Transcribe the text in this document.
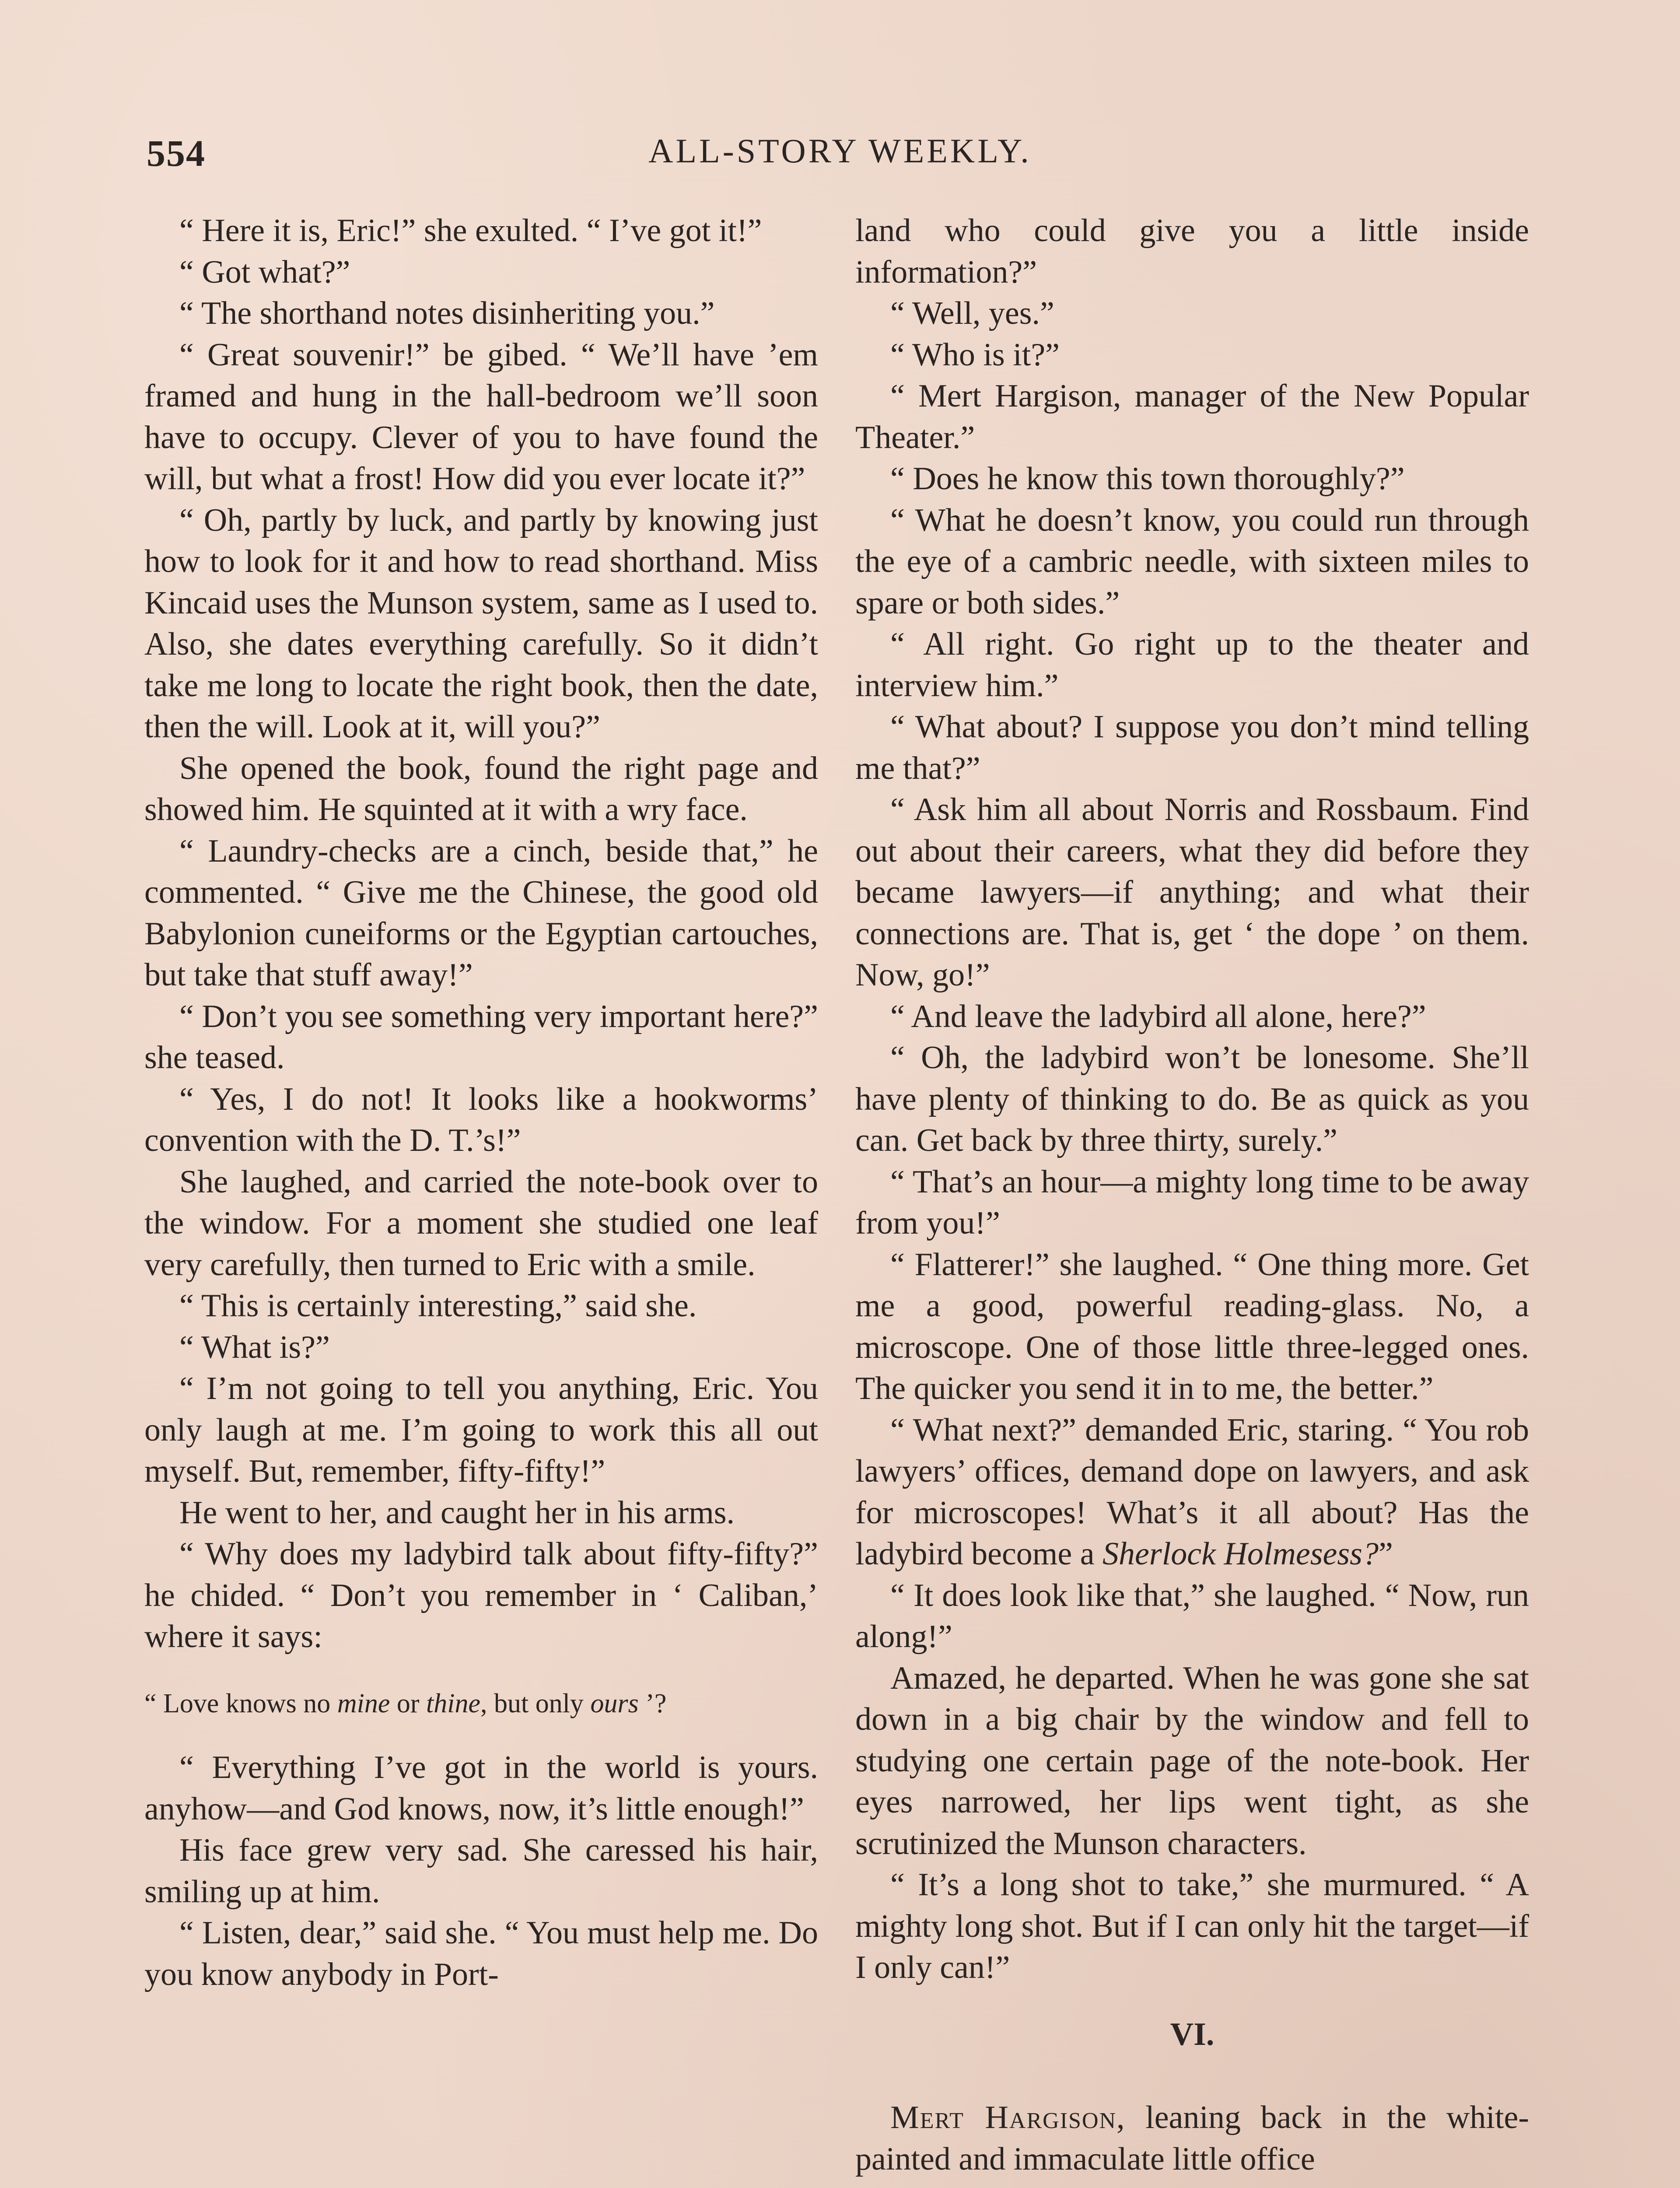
554	ALL-STORY WEEKLY.

“ Here it is, Eric!” she exulted. “ I’ve got it!”

“ Got what?”

“ The shorthand notes disinheriting you.”

“ Great souvenir!” be gibed. “ We’ll have ’em framed and hung in the hall-bedroom we’ll soon have to occupy. Clever of you to have found the will, but what a frost! How did you ever locate it?”

“ Oh, partly by luck, and partly by knowing just how to look for it and how to read shorthand. Miss Kincaid uses the Munson system, same as I used to. Also, she dates everything carefully. So it didn’t take me long to locate the right book, then the date, then the will. Look at it, will you?”

She opened the book, found the right page and showed him. He squinted at it with a wry face.

“ Laundry-checks are a cinch, beside that,” he commented. “ Give me the Chinese, the good old Babylonion cuneiforms or the Egyptian cartouches, but take that stuff away!”

“ Don’t you see something very important here?” she teased.

“ Yes, I do not! It looks like a hookworms’ convention with the D. T.’s!”

She laughed, and carried the note-book over to the window. For a moment she studied one leaf very carefully, then turned to Eric with a smile.

“ This is certainly interesting,” said she.

“ What is?”

“ I’m not going to tell you anything, Eric. You only laugh at me. I’m going to work this all out myself. But, remember, fifty-fifty!”

He went to her, and caught her in his arms.

“ Why does my ladybird talk about fifty-fifty?” he chided. “ Don’t you remember in ‘ Caliban,’ where it says:

“ Love knows no mine or thine, but only ours ’?

“ Everything I’ve got in the world is yours. anyhow—and God knows, now, it’s little enough!”

His face grew very sad. She caressed his hair, smiling up at him.

“ Listen, dear,” said she. “ You must help me. Do you know anybody in Port-

land who could give you a little inside information?”

“ Well, yes.”

“ Who is it?”

“ Mert Hargison, manager of the New Popular Theater.”

“ Does he know this town thoroughly?”

“ What he doesn’t know, you could run through the eye of a cambric needle, with sixteen miles to spare or both sides.”

“ All right. Go right up to the theater and interview him.”

“ What about? I suppose you don’t mind telling me that?”

“ Ask him all about Norris and Rossbaum. Find out about their careers, what they did before they became lawyers—if anything; and what their connections are. That is, get ‘ the dope ’ on them. Now, go!”

“ And leave the ladybird all alone, here?”

“ Oh, the ladybird won’t be lonesome. She’ll have plenty of thinking to do. Be as quick as you can. Get back by three thirty, surely.”

“ That’s an hour—a mighty long time to be away from you!”

“ Flatterer!” she laughed. “ One thing more. Get me a good, powerful reading-glass. No, a microscope. One of those little three-legged ones. The quicker you send it in to me, the better.”

“ What next?” demanded Eric, staring. “ You rob lawyers’ offices, demand dope on lawyers, and ask for microscopes! What’s it all about? Has the ladybird become a Sherlock Holmesess?”

“ It does look like that,” she laughed. “ Now, run along!”

Amazed, he departed. When he was gone she sat down in a big chair by the window and fell to studying one certain page of the note-book. Her eyes narrowed, her lips went tight, as she scrutinized the Munson characters.

“ It’s a long shot to take,” she murmured. “ A mighty long shot. But if I can only hit the target—if I only can!”

VI.

Mert Hargison, leaning back in the white-painted and immaculate little office
